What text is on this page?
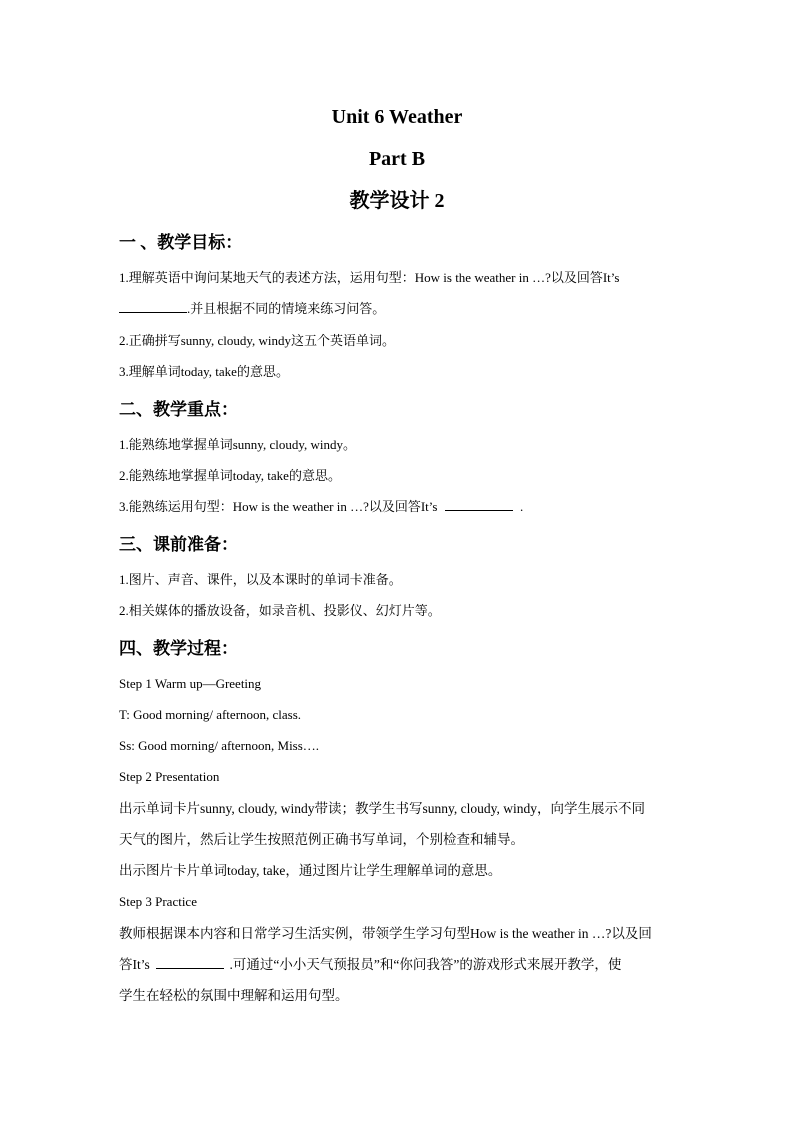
Unit 6 Weather
Part B
教学设计 2
一 、教学目标：
1.理解英语中询问某地天气的表述方法，运用句型：How is the weather in …?以及回答It’s
.并且根据不同的情境来练习问答。
2.正确拼写sunny, cloudy, windy这五个英语单词。
3.理解单词today, take的意思。
二、教学重点：
1.能熟练地掌握单词sunny, cloudy, windy。
2.能熟练地掌握单词today, take的意思。
3.能熟练运用句型：How is the weather in …?以及回答It’s	.
三、课前准备：
1.图片、声音、课件，以及本课时的单词卡准备。
2.相关媒体的播放设备，如录音机、投影仪、幻灯片等。
四、教学过程：
Step 1 Warm up—Greeting
T: Good morning/ afternoon, class.
Ss: Good morning/ afternoon, Miss….
Step 2 Presentation
出示单词卡片sunny, cloudy, windy带读；教学生书写sunny, cloudy, windy，向学生展示不同
天气的图片，然后让学生按照范例正确书写单词，个别检查和辅导。
出示图片卡片单词today, take，通过图片让学生理解单词的意思。
Step 3 Practice
教师根据课本内容和日常学习生活实例，带领学生学习句型How is the weather in …?以及回
答It’s	.可通过“小小天气预报员”和“你问我答”的游戏形式来展开教学，使
学生在轻松的氛围中理解和运用句型。
